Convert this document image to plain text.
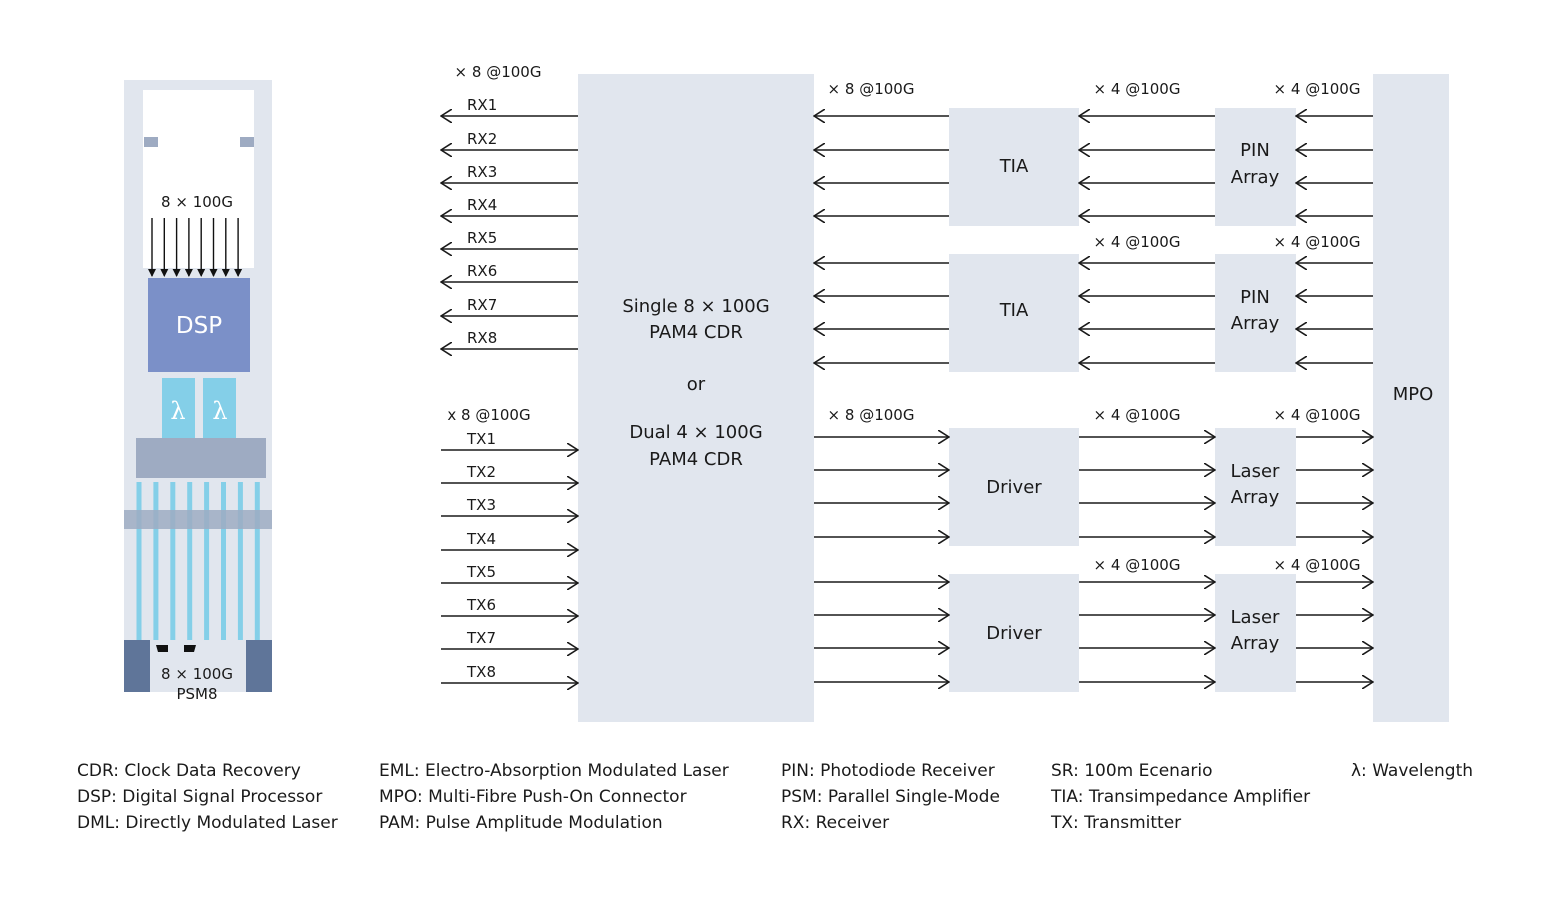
8 × 100G
DSP
λ λ
8 × 100G
PSM8
Single 8 × 100G
PAM4 CDR
or
Dual 4 × 100G
PAM4 CDR
TIA
TIA
Driver
Driver
PIN
Array
PIN
Array
Laser
Array
Laser
Array
MPO
× 8 @100G
x 8 @100G
× 8 @100G
× 8 @100G
× 4 @100G	× 4 @100G
× 4 @100G	× 4 @100G
× 4 @100G	× 4 @100G
× 4 @100G	× 4 @100G
RX1
RX2
RX3
RX4
RX5
RX6
RX7
RX8
TX1
TX2
TX3
TX4
TX5
TX6
TX7
TX8
CDR: Clock Data Recovery
DSP: Digital Signal Processor
DML: Directly Modulated Laser
EML: Electro-Absorption Modulated Laser
MPO: Multi-Fibre Push-On Connector
PAM: Pulse Amplitude Modulation
PIN: Photodiode Receiver
PSM: Parallel Single-Mode
RX: Receiver
SR: 100m Ecenario
TIA: Transimpedance Amplifier
TX: Transmitter
λ: Wavelength
